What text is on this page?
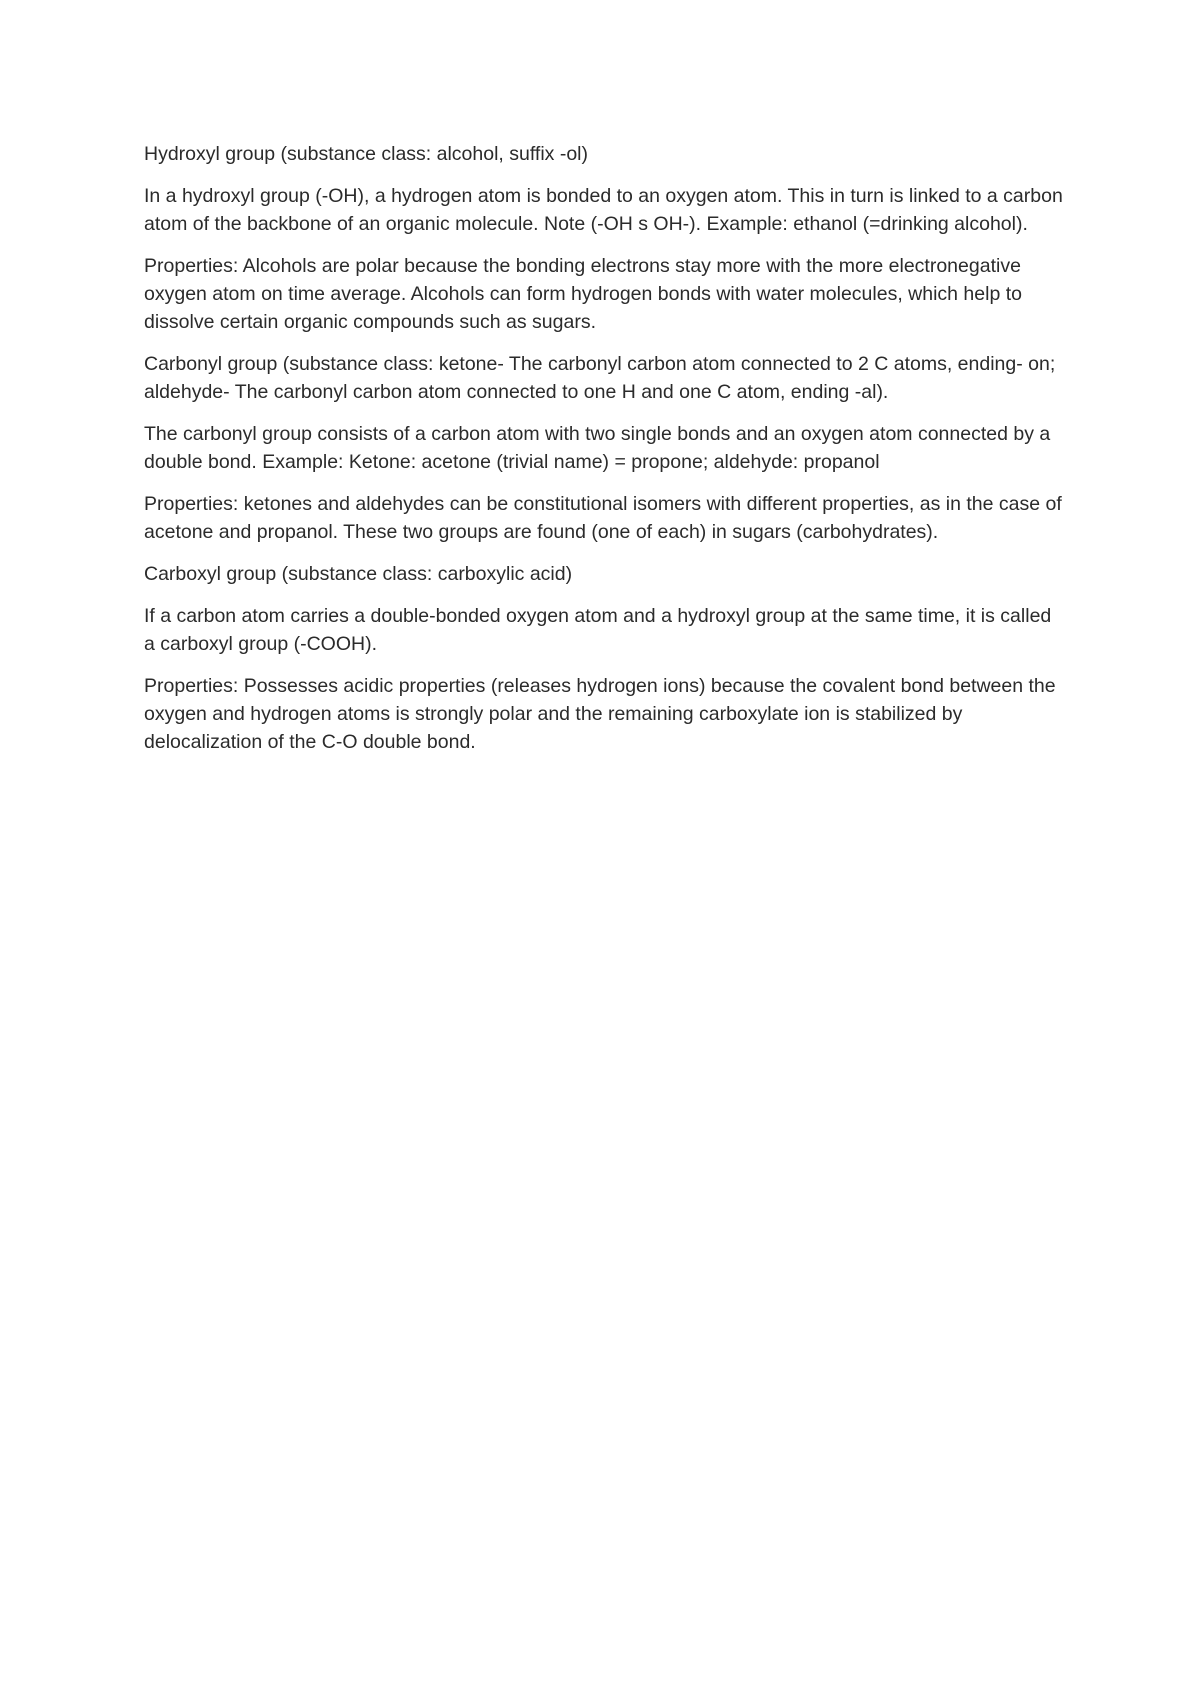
Hydroxyl group (substance class: alcohol, suffix -ol)

In a hydroxyl group (-OH), a hydrogen atom is bonded to an oxygen atom. This in turn is linked to a carbon atom of the backbone of an organic molecule. Note (-OH s OH-). Example: ethanol (=drinking alcohol).

Properties: Alcohols are polar because the bonding electrons stay more with the more electronegative oxygen atom on time average. Alcohols can form hydrogen bonds with water molecules, which help to dissolve certain organic compounds such as sugars.

Carbonyl group (substance class: ketone- The carbonyl carbon atom connected to 2 C atoms, ending- on; aldehyde- The carbonyl carbon atom connected to one H and one C atom, ending -al).

The carbonyl group consists of a carbon atom with two single bonds and an oxygen atom connected by a double bond. Example: Ketone: acetone (trivial name) = propone; aldehyde: propanol

Properties: ketones and aldehydes can be constitutional isomers with different properties, as in the case of acetone and propanol. These two groups are found (one of each) in sugars (carbohydrates).

Carboxyl group (substance class: carboxylic acid)

If a carbon atom carries a double-bonded oxygen atom and a hydroxyl group at the same time, it is called a carboxyl group (-COOH).

Properties: Possesses acidic properties (releases hydrogen ions) because the covalent bond between the oxygen and hydrogen atoms is strongly polar and the remaining carboxylate ion is stabilized by delocalization of the C-O double bond.
